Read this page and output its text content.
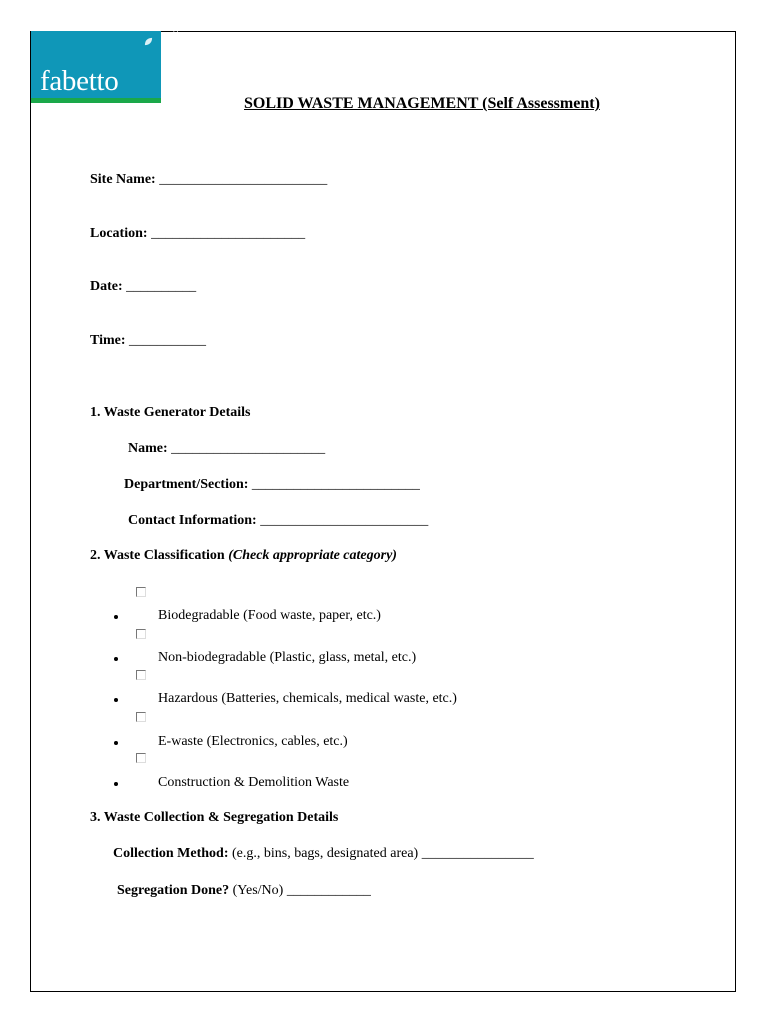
fabetto
ecotech
SOLID WASTE MANAGEMENT (Self Assessment)
Site Name: ________________________
Location: ______________________
Date: __________
Time: ___________
1. Waste Generator Details
Name: ______________________
Department/Section: ________________________
Contact Information: ________________________
2. Waste Classification (Check appropriate category)
Biodegradable (Food waste, paper, etc.)
Non-biodegradable (Plastic, glass, metal, etc.)
Hazardous (Batteries, chemicals, medical waste, etc.)
E-waste (Electronics, cables, etc.)
Construction & Demolition Waste
3. Waste Collection & Segregation Details
Collection Method: (e.g., bins, bags, designated area) ________________
Segregation Done? (Yes/No) ____________
